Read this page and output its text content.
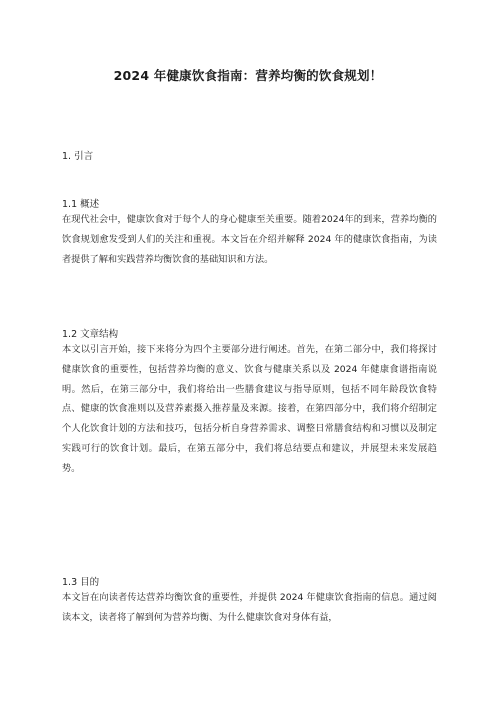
2024 年健康饮食指南：营养均衡的饮食规划！
1. 引言
1.1 概述
在现代社会中，健康饮食对于每个人的身心健康至关重要。随着2024年的到来，营养均衡的饮食规划愈发受到人们的关注和重视。本文旨在介绍并解释 2024 年的健康饮食指南，为读者提供了解和实践营养均衡饮食的基础知识和方法。
1.2 文章结构
本文以引言开始，接下来将分为四个主要部分进行阐述。首先，在第二部分中，我们将探讨健康饮食的重要性，包括营养均衡的意义、饮食与健康关系以及 2024 年健康食谱指南说明。然后，在第三部分中，我们将给出一些膳食建议与指导原则，包括不同年龄段饮食特点、健康的饮食准则以及营养素摄入推荐量及来源。接着，在第四部分中，我们将介绍制定个人化饮食计划的方法和技巧，包括分析自身营养需求、调整日常膳食结构和习惯以及制定实践可行的饮食计划。最后，在第五部分中，我们将总结要点和建议，并展望未来发展趋势。
1.3 目的
本文旨在向读者传达营养均衡饮食的重要性，并提供 2024 年健康饮食指南的信息。通过阅读本文，读者将了解到何为营养均衡、为什么健康饮食对身体有益，
